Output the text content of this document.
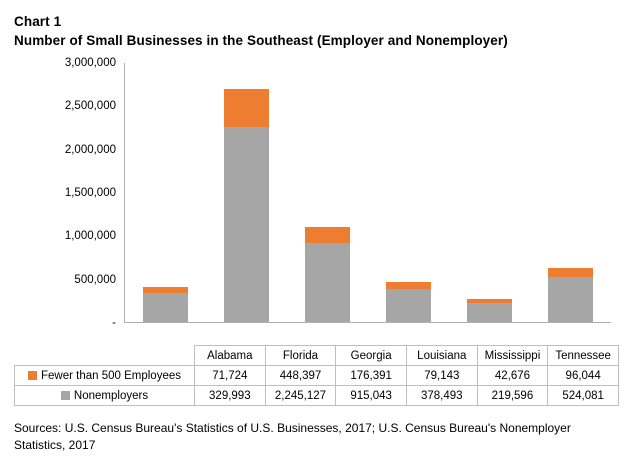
Chart 1
Number of Small Businesses in the Southeast (Employer and Nonemployer)
-
500,000
1,000,000
1,500,000
2,000,000
2,500,000
3,000,000
	Alabama	Florida	Georgia	Louisiana	Mississippi	Tennessee
Fewer than 500 Employees	71,724	448,397	176,391	79,143	42,676	96,044
Nonemployers	329,993	2,245,127	915,043	378,493	219,596	524,081
Sources: U.S. Census Bureau's Statistics of U.S. Businesses, 2017; U.S. Census Bureau's Nonemployer Statistics, 2017
